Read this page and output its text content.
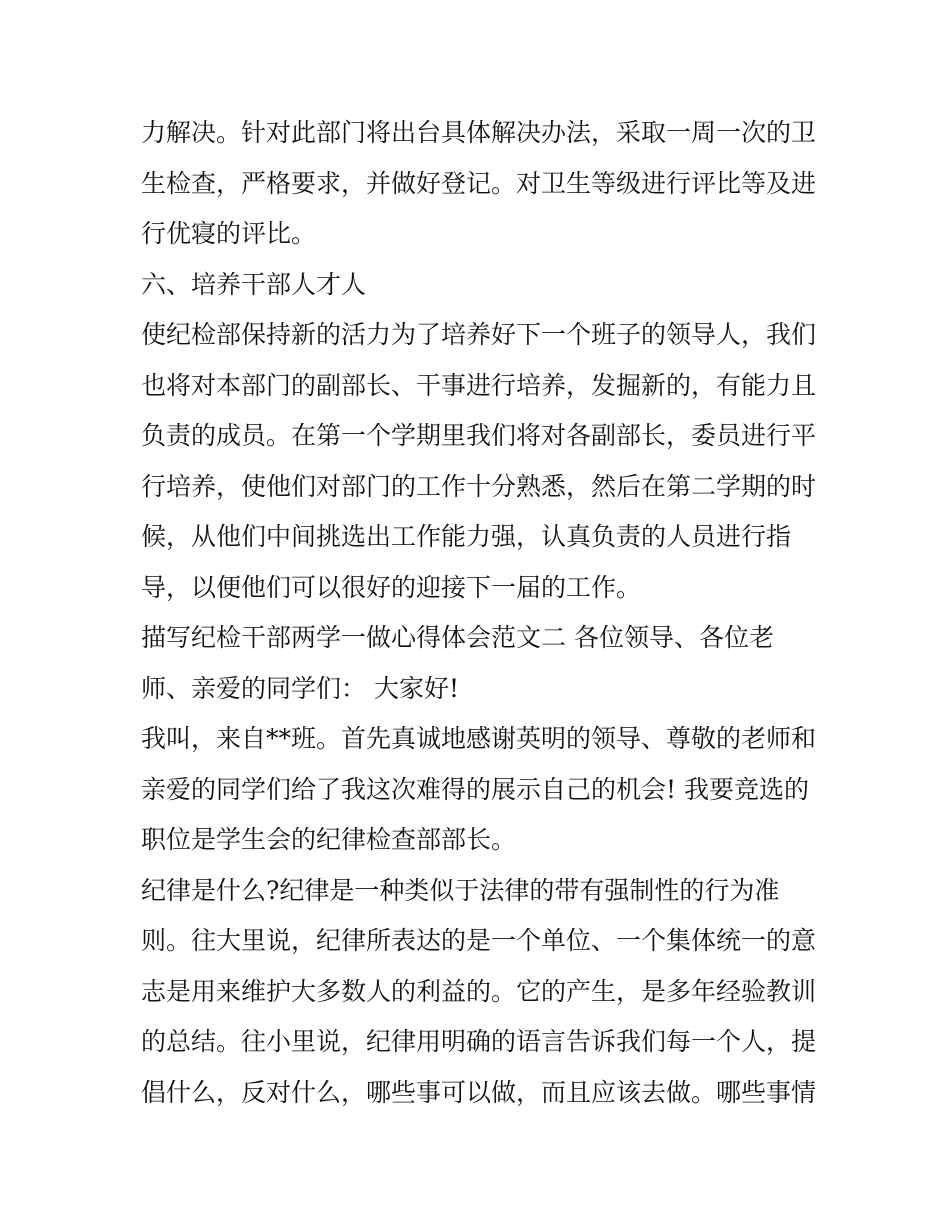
力解决。针对此部门将出台具体解决办法，采取一周一次的卫

生检查，严格要求，并做好登记。对卫生等级进行评比等及进

行优寝的评比。

六、培养干部人才人

使纪检部保持新的活力为了培养好下一个班子的领导人，我们

也将对本部门的副部长、干事进行培养，发掘新的，有能力且

负责的成员。在第一个学期里我们将对各副部长，委员进行平

行培养，使他们对部门的工作十分熟悉，然后在第二学期的时

候，从他们中间挑选出工作能力强，认真负责的人员进行指

导，以便他们可以很好的迎接下一届的工作。

描写纪检干部两学一做心得体会范文二 各位领导、各位老

师、亲爱的同学们： 大家好!

我叫，来自**班。首先真诚地感谢英明的领导、尊敬的老师和

亲爱的同学们给了我这次难得的展示自己的机会! 我要竞选的

职位是学生会的纪律检查部部长。

纪律是什么?纪律是一种类似于法律的带有强制性的行为准

则。往大里说，纪律所表达的是一个单位、一个集体统一的意

志是用来维护大多数人的利益的。它的产生，是多年经验教训

的总结。往小里说，纪律用明确的语言告诉我们每一个人，提

倡什么，反对什么，哪些事可以做，而且应该去做。哪些事情
